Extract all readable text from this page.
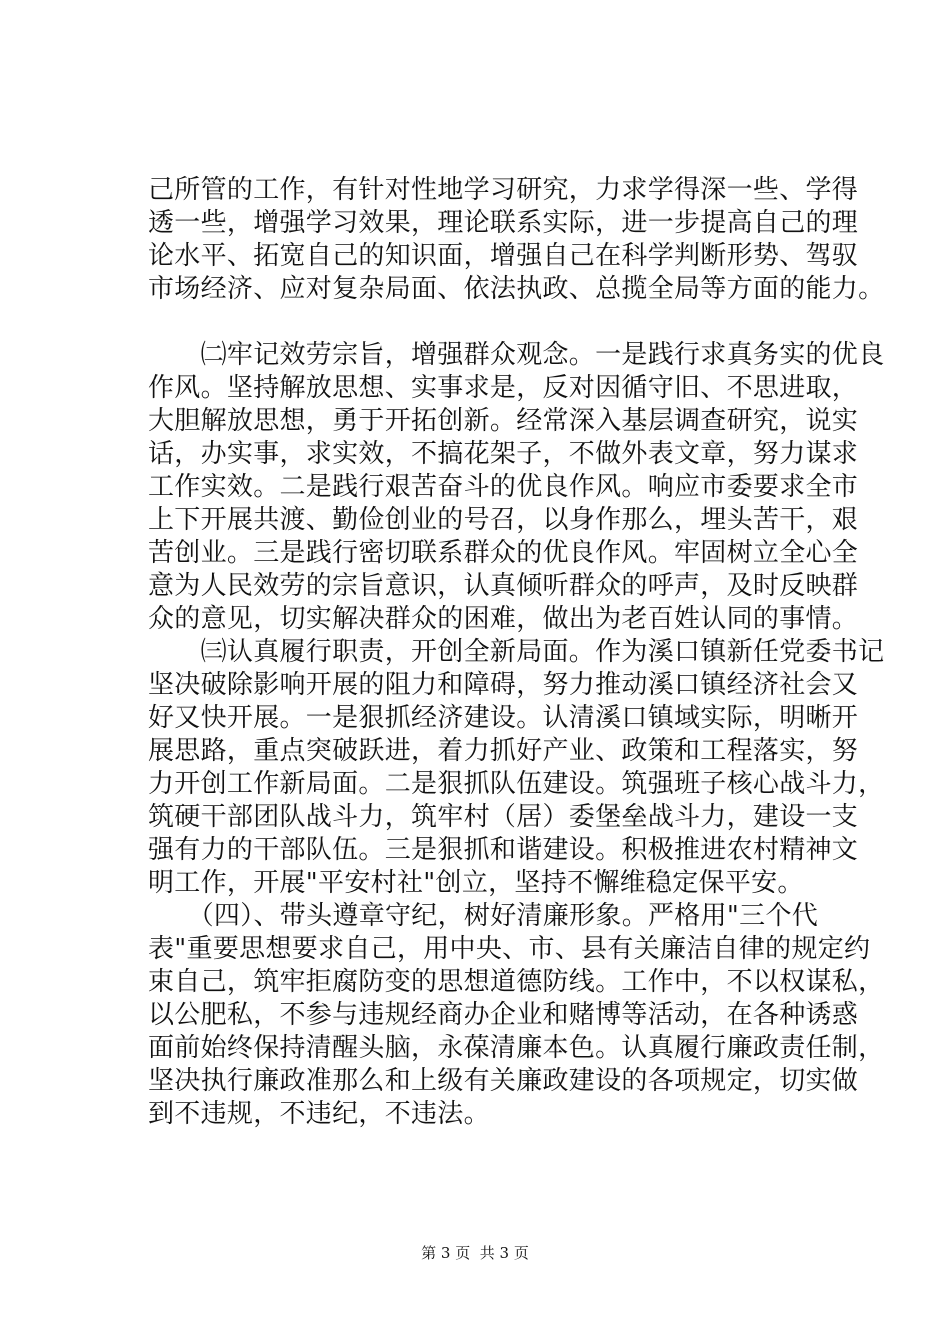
己所管的工作，有针对性地学习研究，力求学得深一些、学得
透一些，增强学习效果，理论联系实际，进一步提高自己的理
论水平、拓宽自己的知识面，增强自己在科学判断形势、驾驭
市场经济、应对复杂局面、依法执政、总揽全局等方面的能力。
　　㈡牢记效劳宗旨，增强群众观念。一是践行求真务实的优良
作风。坚持解放思想、实事求是，反对因循守旧、不思进取，
大胆解放思想，勇于开拓创新。经常深入基层调查研究，说实
话，办实事，求实效，不搞花架子，不做外表文章，努力谋求
工作实效。二是践行艰苦奋斗的优良作风。响应市委要求全市
上下开展共渡、勤俭创业的号召，以身作那么，埋头苦干，艰
苦创业。三是践行密切联系群众的优良作风。牢固树立全心全
意为人民效劳的宗旨意识，认真倾听群众的呼声，及时反映群
众的意见，切实解决群众的困难，做出为老百姓认同的事情。
　　㈢认真履行职责，开创全新局面。作为溪口镇新任党委书记
坚决破除影响开展的阻力和障碍，努力推动溪口镇经济社会又
好又快开展。一是狠抓经济建设。认清溪口镇域实际，明晰开
展思路，重点突破跃进，着力抓好产业、政策和工程落实，努
力开创工作新局面。二是狠抓队伍建设。筑强班子核心战斗力，
筑硬干部团队战斗力，筑牢村（居）委堡垒战斗力，建设一支
强有力的干部队伍。三是狠抓和谐建设。积极推进农村精神文
明工作，开展"平安村社"创立，坚持不懈维稳定保平安。
　　（四）、带头遵章守纪，树好清廉形象。严格用"三个代
表"重要思想要求自己，用中央、市、县有关廉洁自律的规定约
束自己，筑牢拒腐防变的思想道德防线。工作中，不以权谋私，
以公肥私，不参与违规经商办企业和赌博等活动，在各种诱惑
面前始终保持清醒头脑，永葆清廉本色。认真履行廉政责任制，
坚决执行廉政准那么和上级有关廉政建设的各项规定，切实做
到不违规，不违纪，不违法。
第 3 页  共 3 页
